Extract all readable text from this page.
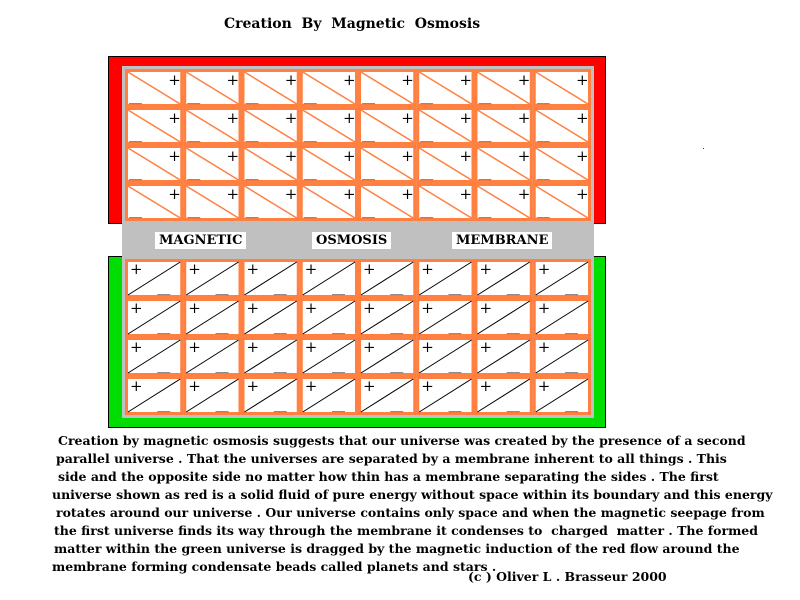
Creation  By  Magnetic  Osmosis
+
__
+
__
+
__
+
__
+
__
+
__
+
__
+
__
+
__
+
__
+
__
+
__
+
__
+
__
+
__
+
__
+
__
+
__
+
__
+
__
+
__
+
__
+
__
+
__
+
__
+
__
+
__
+
__
+
__
+
__
+
__
+
__
MAGNETIC	OSMOSIS	MEMBRANE
+
__
+
__
+
__
+
__
+
__
+
__
+
__
+
__
+
__
+
__
+
__
+
__
+
__
+
__
+
__
+
__
+
__
+
__
+
__
+
__
+
__
+
__
+
__
+
__
+
__
+
__
+
__
+
__
+
__
+
__
+
__
+
__
Creation by magnetic osmosis suggests that our universe was created by the presence of a second
parallel universe . That the universes are separated by a membrane inherent to all things . This
side and the opposite side no matter how thin has a membrane separating the sides . The first
universe shown as red is a solid fluid of pure energy without space within its boundary and this energy
rotates around our universe . Our universe contains only space and when the magnetic seepage from
the first universe finds its way through the membrane it condenses to  charged  matter . The formed
matter within the green universe is dragged by the magnetic induction of the red flow around the
membrane forming condensate beads called planets and stars .
(c ) Oliver L . Brasseur 2000
